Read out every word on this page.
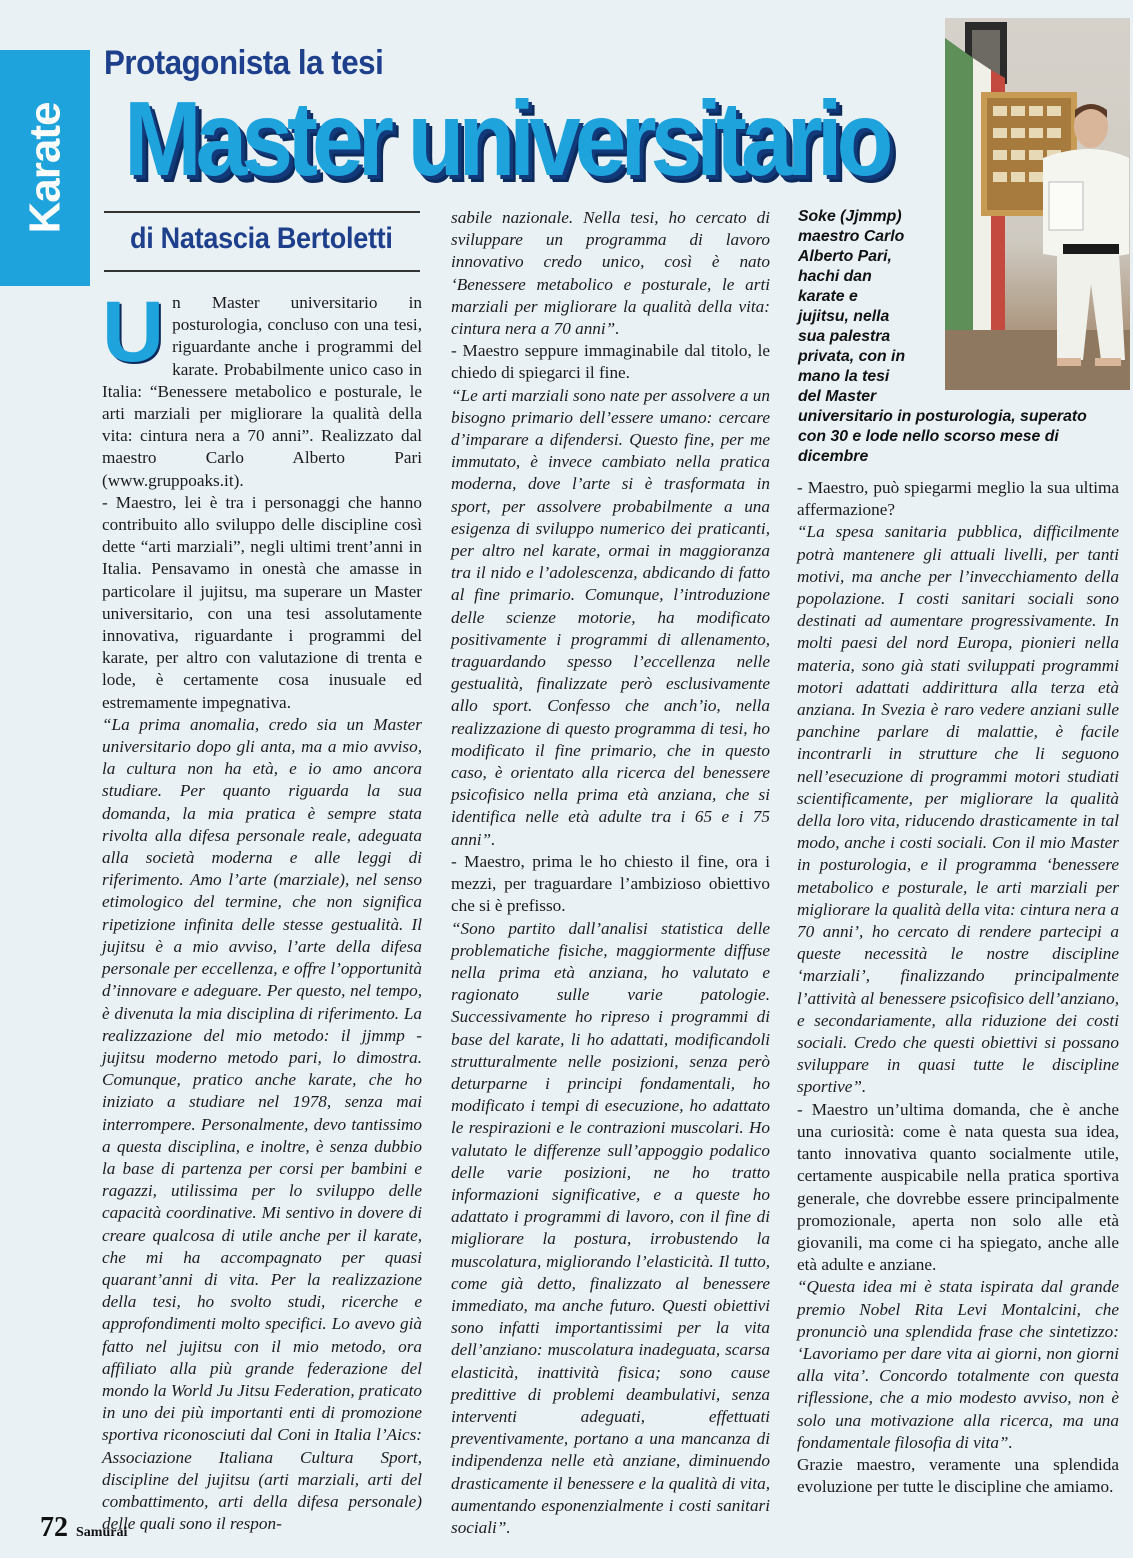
Karate
Protagonista la tesi
Master universitario
di Natascia Bertoletti
U n Master universitario in posturologia, concluso con una tesi, riguardante anche i programmi del karate. Probabilmente unico caso in Italia: “Benessere metabolico e posturale, le arti marziali per migliorare la qualità della vita: cintura nera a 70 anni”. Realizzato dal maestro Carlo Alberto Pari (www.gruppoaks.it).

- Maestro, lei è tra i personaggi che hanno contribuito allo sviluppo delle discipline così dette “arti marziali”, negli ultimi trent’anni in Italia. Pensavamo in onestà che amasse in particolare il jujitsu, ma superare un Master universitario, con una tesi assolutamente innovativa, riguardante i programmi del karate, per altro con valutazione di trenta e lode, è certamente cosa inusuale ed estremamente impegnativa.

“La prima anomalia, credo sia un Master universitario dopo gli anta, ma a mio avviso, la cultura non ha età, e io amo ancora studiare. Per quanto riguarda la sua domanda, la mia pratica è sempre stata rivolta alla difesa personale reale, adeguata alla società moderna e alle leggi di riferimento. Amo l’arte (marziale), nel senso etimologico del termine, che non significa ripetizione infinita delle stesse gestualità. Il jujitsu è a mio avviso, l’arte della difesa personale per eccellenza, e offre l’opportunità d’innovare e adeguare. Per questo, nel tempo, è divenuta la mia disciplina di riferimento. La realizzazione del mio metodo: il jjmmp - jujitsu moderno metodo pari, lo dimostra. Comunque, pratico anche karate, che ho iniziato a studiare nel 1978, senza mai interrompere. Personalmente, devo tantissimo a questa disciplina, e inoltre, è senza dubbio la base di partenza per corsi per bambini e ragazzi, utilissima per lo sviluppo delle capacità coordinative. Mi sentivo in dovere di creare qualcosa di utile anche per il karate, che mi ha accompagnato per quasi quarant’anni di vita. Per la realizzazione della tesi, ho svolto studi, ricerche e approfondimenti molto specifici. Lo avevo già fatto nel jujitsu con il mio metodo, ora affiliato alla più grande federazione del mondo la World Ju Jitsu Federation, praticato in uno dei più importanti enti di promozione sportiva riconosciuti dal Coni in Italia l’Aics: Associazione Italiana Cultura Sport, discipline del jujitsu (arti marziali, arti del combattimento, arti della difesa personale) delle quali sono il respon-

sabile nazionale. Nella tesi, ho cercato di sviluppare un programma di lavoro innovativo credo unico, così è nato ‘Benessere metabolico e posturale, le arti marziali per migliorare la qualità della vita: cintura nera a 70 anni”.

- Maestro seppure immaginabile dal titolo, le chiedo di spiegarci il fine.

“Le arti marziali sono nate per assolvere a un bisogno primario dell’essere umano: cercare d’imparare a difendersi. Questo fine, per me immutato, è invece cambiato nella pratica moderna, dove l’arte si è trasformata in sport, per assolvere probabilmente a una esigenza di sviluppo numerico dei praticanti, per altro nel karate, ormai in maggioranza tra il nido e l’adolescenza, abdicando di fatto al fine primario. Comunque, l’introduzione delle scienze motorie, ha modificato positivamente i programmi di allenamento, traguardando spesso l’eccellenza nelle gestualità, finalizzate però esclusivamente allo sport. Confesso che anch’io, nella realizzazione di questo programma di tesi, ho modificato il fine primario, che in questo caso, è orientato alla ricerca del benessere psicofisico nella prima età anziana, che si identifica nelle età adulte tra i 65 e i 75 anni”.

- Maestro, prima le ho chiesto il fine, ora i mezzi, per traguardare l’ambizioso obiettivo che si è prefisso.

“Sono partito dall’analisi statistica delle problematiche fisiche, maggiormente diffuse nella prima età anziana, ho valutato e ragionato sulle varie patologie. Successivamente ho ripreso i programmi di base del karate, li ho adattati, modificandoli strutturalmente nelle posizioni, senza però deturparne i principi fondamentali, ho modificato i tempi di esecuzione, ho adattato le respirazioni e le contrazioni muscolari. Ho valutato le differenze sull’appoggio podalico delle varie posizioni, ne ho tratto informazioni significative, e a queste ho adattato i programmi di lavoro, con il fine di migliorare la postura, irrobustendo la muscolatura, migliorando l’elasticità. Il tutto, come già detto, finalizzato al benessere immediato, ma anche futuro. Questi obiettivi sono infatti importantissimi per la vita dell’anziano: muscolatura inadeguata, scarsa elasticità, inattività fisica; sono cause predittive di problemi deambulativi, senza interventi adeguati, effettuati preventivamente, portano a una mancanza di indipendenza nelle età anziane, diminuendo drasticamente il benessere e la qualità di vita, aumentando esponenzialmente i costi sanitari sociali”.

Soke (Jjmmp)
maestro Carlo
Alberto Pari,
hachi dan
karate e
jujitsu, nella
sua palestra
privata, con in
mano la tesi
del Master
universitario in posturologia, superato
con 30 e lode nello scorso mese di
dicembre

- Maestro, può spiegarmi meglio la sua ultima affermazione?

“La spesa sanitaria pubblica, difficilmente potrà mantenere gli attuali livelli, per tanti motivi, ma anche per l’invecchiamento della popolazione. I costi sanitari sociali sono destinati ad aumentare progressivamente. In molti paesi del nord Europa, pionieri nella materia, sono già stati sviluppati programmi motori adattati addirittura alla terza età anziana. In Svezia è raro vedere anziani sulle panchine parlare di malattie, è facile incontrarli in strutture che li seguono nell’esecuzione di programmi motori studiati scientificamente, per migliorare la qualità della loro vita, riducendo drasticamente in tal modo, anche i costi sociali. Con il mio Master in posturologia, e il programma ‘benessere metabolico e posturale, le arti marziali per migliorare la qualità della vita: cintura nera a 70 anni’, ho cercato di rendere partecipi a queste necessità le nostre discipline ‘marziali’, finalizzando principalmente l’attività al benessere psicofisico dell’anziano, e secondariamente, alla riduzione dei costi sociali. Credo che questi obiettivi si possano sviluppare in quasi tutte le discipline sportive”.

- Maestro un’ultima domanda, che è anche una curiosità: come è nata questa sua idea, tanto innovativa quanto socialmente utile, certamente auspicabile nella pratica sportiva generale, che dovrebbe essere principalmente promozionale, aperta non solo alle età giovanili, ma come ci ha spiegato, anche alle età adulte e anziane.

“Questa idea mi è stata ispirata dal grande premio Nobel Rita Levi Montalcini, che pronunciò una splendida frase che sintetizzo: ‘Lavoriamo per dare vita ai giorni, non giorni alla vita’. Concordo totalmente con questa riflessione, che a mio modesto avviso, non è solo una motivazione alla ricerca, ma una fondamentale filosofia di vita”.

Grazie maestro, veramente una splendida evoluzione per tutte le discipline che amiamo.

72 Samurai
